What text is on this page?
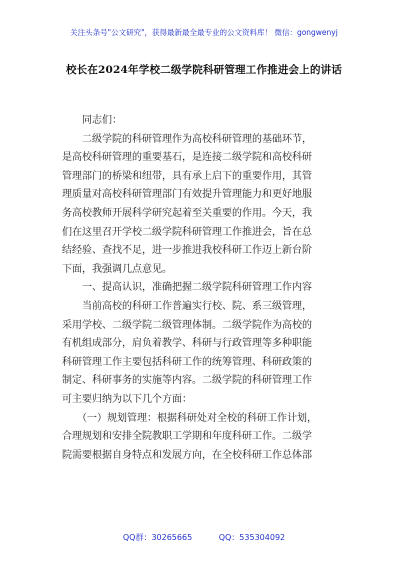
关注头条号"公文研究"，获得最新最全最专业的公文资料库！ 微信：gongwenyj
校长在2024年学校二级学院科研管理工作推进会上的讲话
　　同志们：
　　二级学院的科研管理作为高校科研管理的基础环节，
是高校科研管理的重要基石，是连接二级学院和高校科研
管理部门的桥梁和纽带，具有承上启下的重要作用，其管
理质量对高校科研管理部门有效提升管理能力和更好地服
务高校教师开展科学研究起着至关重要的作用。今天，我
们在这里召开学校二级学院科研管理工作推进会，旨在总
结经验、查找不足，进一步推进我校科研工作迈上新台阶
下面，我强调几点意见。
　　一、提高认识，准确把握二级学院科研管理工作内容
　　当前高校的科研工作普遍实行校、院、系三级管理，
采用学校、二级学院二级管理体制。二级学院作为高校的
有机组成部分，肩负着教学、科研与行政管理等多种职能
科研管理工作主要包括科研工作的统筹管理、科研政策的
制定、科研事务的实施等内容。二级学院的科研管理工作
可主要归纳为以下几个方面：
　　（一）规划管理：根据科研处对全校的科研工作计划，
合理规划和安排全院教职工学期和年度科研工作。二级学
院需要根据自身特点和发展方向，在全校科研工作总体部
QQ群：30265665	QQ：535304092
